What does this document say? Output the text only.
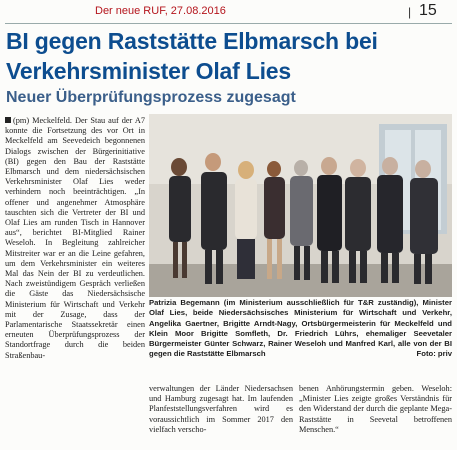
Der neue RUF, 27.08.2016	| 15
BI gegen Raststätte Elbmarsch bei Verkehrsminister Olaf Lies
Neuer Überprüfungsprozess zugesagt
(pm) Meckelfeld. Der Stau auf der A7 konnte die Fortsetzung des vor Ort in Meckelfeld am Seevedeich begonnenen Dialogs zwischen der Bürgerinitiative (BI) gegen den Bau der Raststätte Elbmarsch und dem niedersächsischen Verkehrsminister Olaf Lies weder verhindern noch beeinträchtigen. „In offener und angenehmer Atmosphäre tauschten sich die Vertreter der BI und Olaf Lies am runden Tisch in Hannover aus“, berichtet BI-Mitglied Rainer Weseloh. In Begleitung zahlreicher Mitstreiter war er an die Leine gefahren, um dem Verkehrsminister ein weiteres Mal das Nein der BI zu verdeutlichen. Nach zweistündigem Gespräch verließen die Gäste das Niedersächsische Ministerium für Wirtschaft und Verkehr mit der Zusage, dass der Parlamentarische Staatssekretär einen erneuten Überprüfungsprozess der Standortfrage durch die beiden Straßenbau-
Patrizia Begemann (im Ministerium ausschließlich für T&R zuständig), Minister Olaf Lies, beide Niedersächsisches Ministerium für Wirtschaft und Verkehr, Angelika Gaertner, Brigitte Arndt-Nagy, Ortsbürgermeisterin für Meckelfeld und Klein Moor Brigitte Somfleth, Dr. Friedrich Lührs, ehemaliger Seevetaler Bürgermeister Günter Schwarz, Rainer Weseloh und Manfred Karl, alle von der BI gegen die Raststätte Elbmarsch	Foto: priv
verwaltungen der Länder Niedersachsen und Hamburg zugesagt hat. Im laufenden Planfeststellungsverfahren wird es voraussichtlich im Sommer 2017 den vielfach verscho-
benen Anhörungstermin geben. Weseloh: „Minister Lies zeigte großes Verständnis für den Widerstand der durch die geplante Mega-Raststätte in Seevetal betroffenen Menschen.“
